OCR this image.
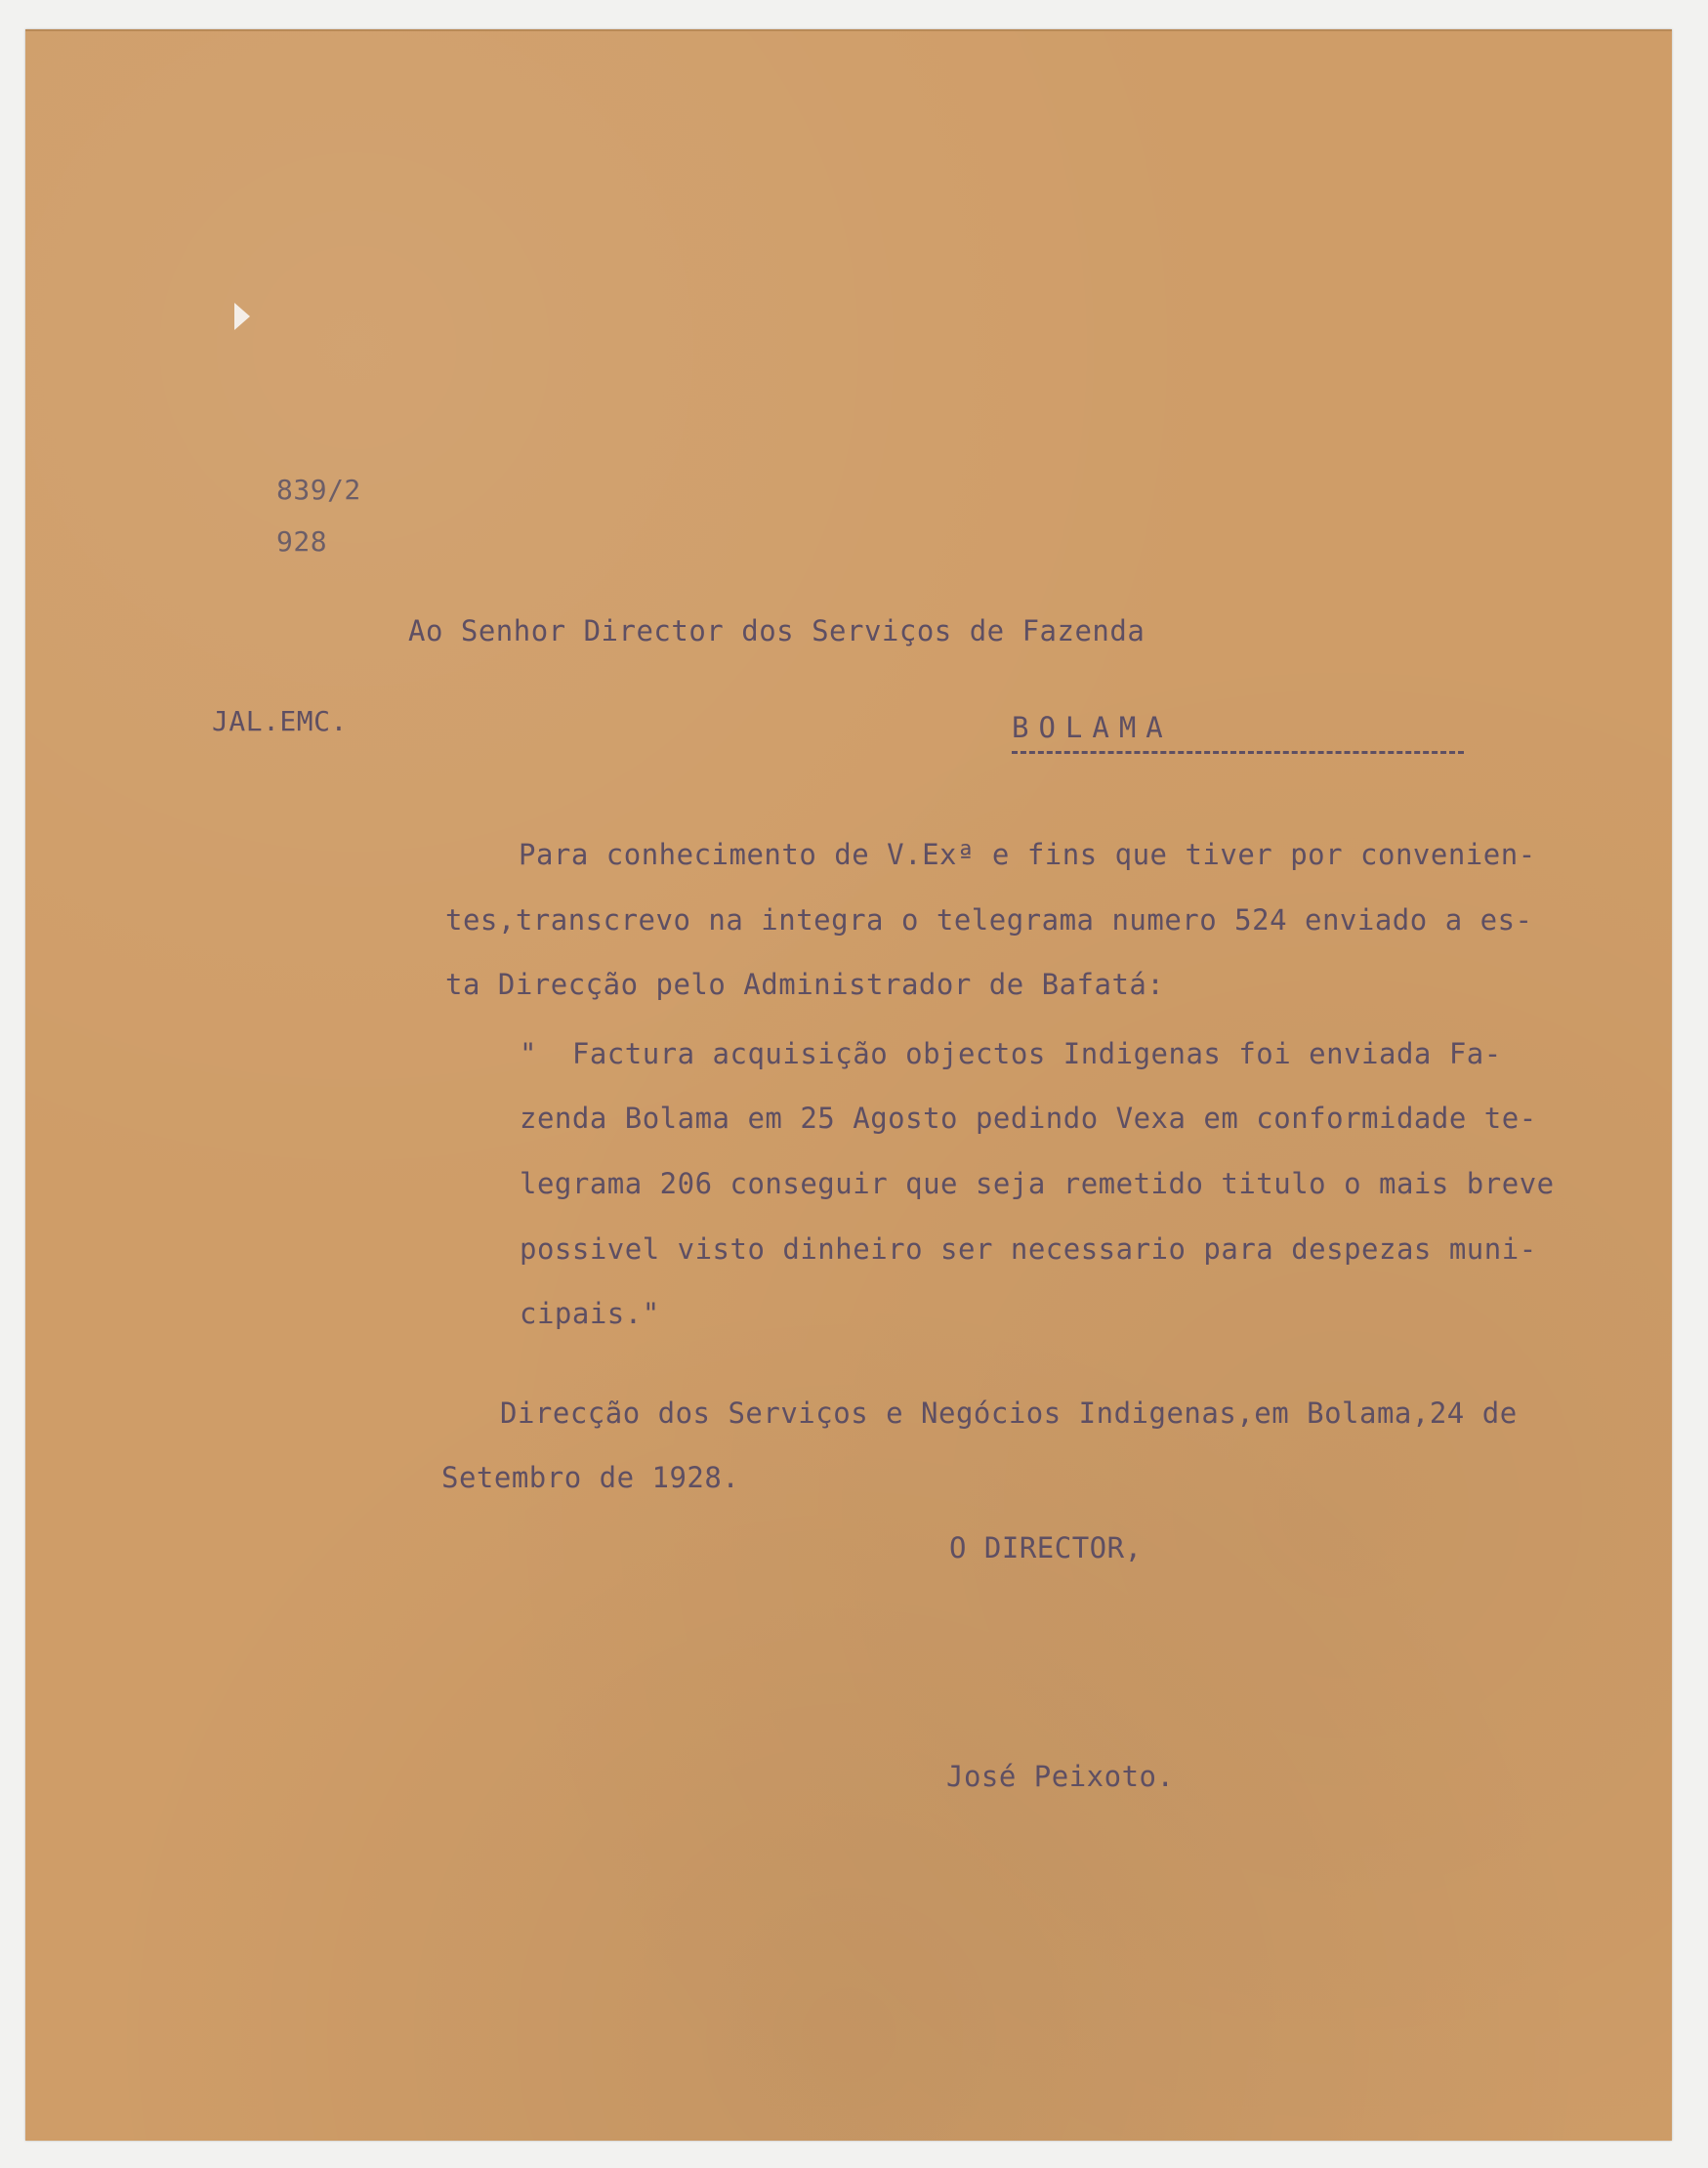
839/2
928
Ao Senhor Director dos Serviços de Fazenda
JAL.EMC.	BOLAMA
Para conhecimento de V.Exª e fins que tiver por convenien-
tes,transcrevo na integra o telegrama numero 524 enviado a es-
ta Direcção pelo Administrador de Bafatá:
"  Factura acquisição objectos Indigenas foi enviada Fa-
zenda Bolama em 25 Agosto pedindo Vexa em conformidade te-
legrama 206 conseguir que seja remetido titulo o mais breve
possivel visto dinheiro ser necessario para despezas muni-
cipais."
Direcção dos Serviços e Negócios Indigenas,em Bolama,24 de
Setembro de 1928.
O DIRECTOR,
José Peixoto.
